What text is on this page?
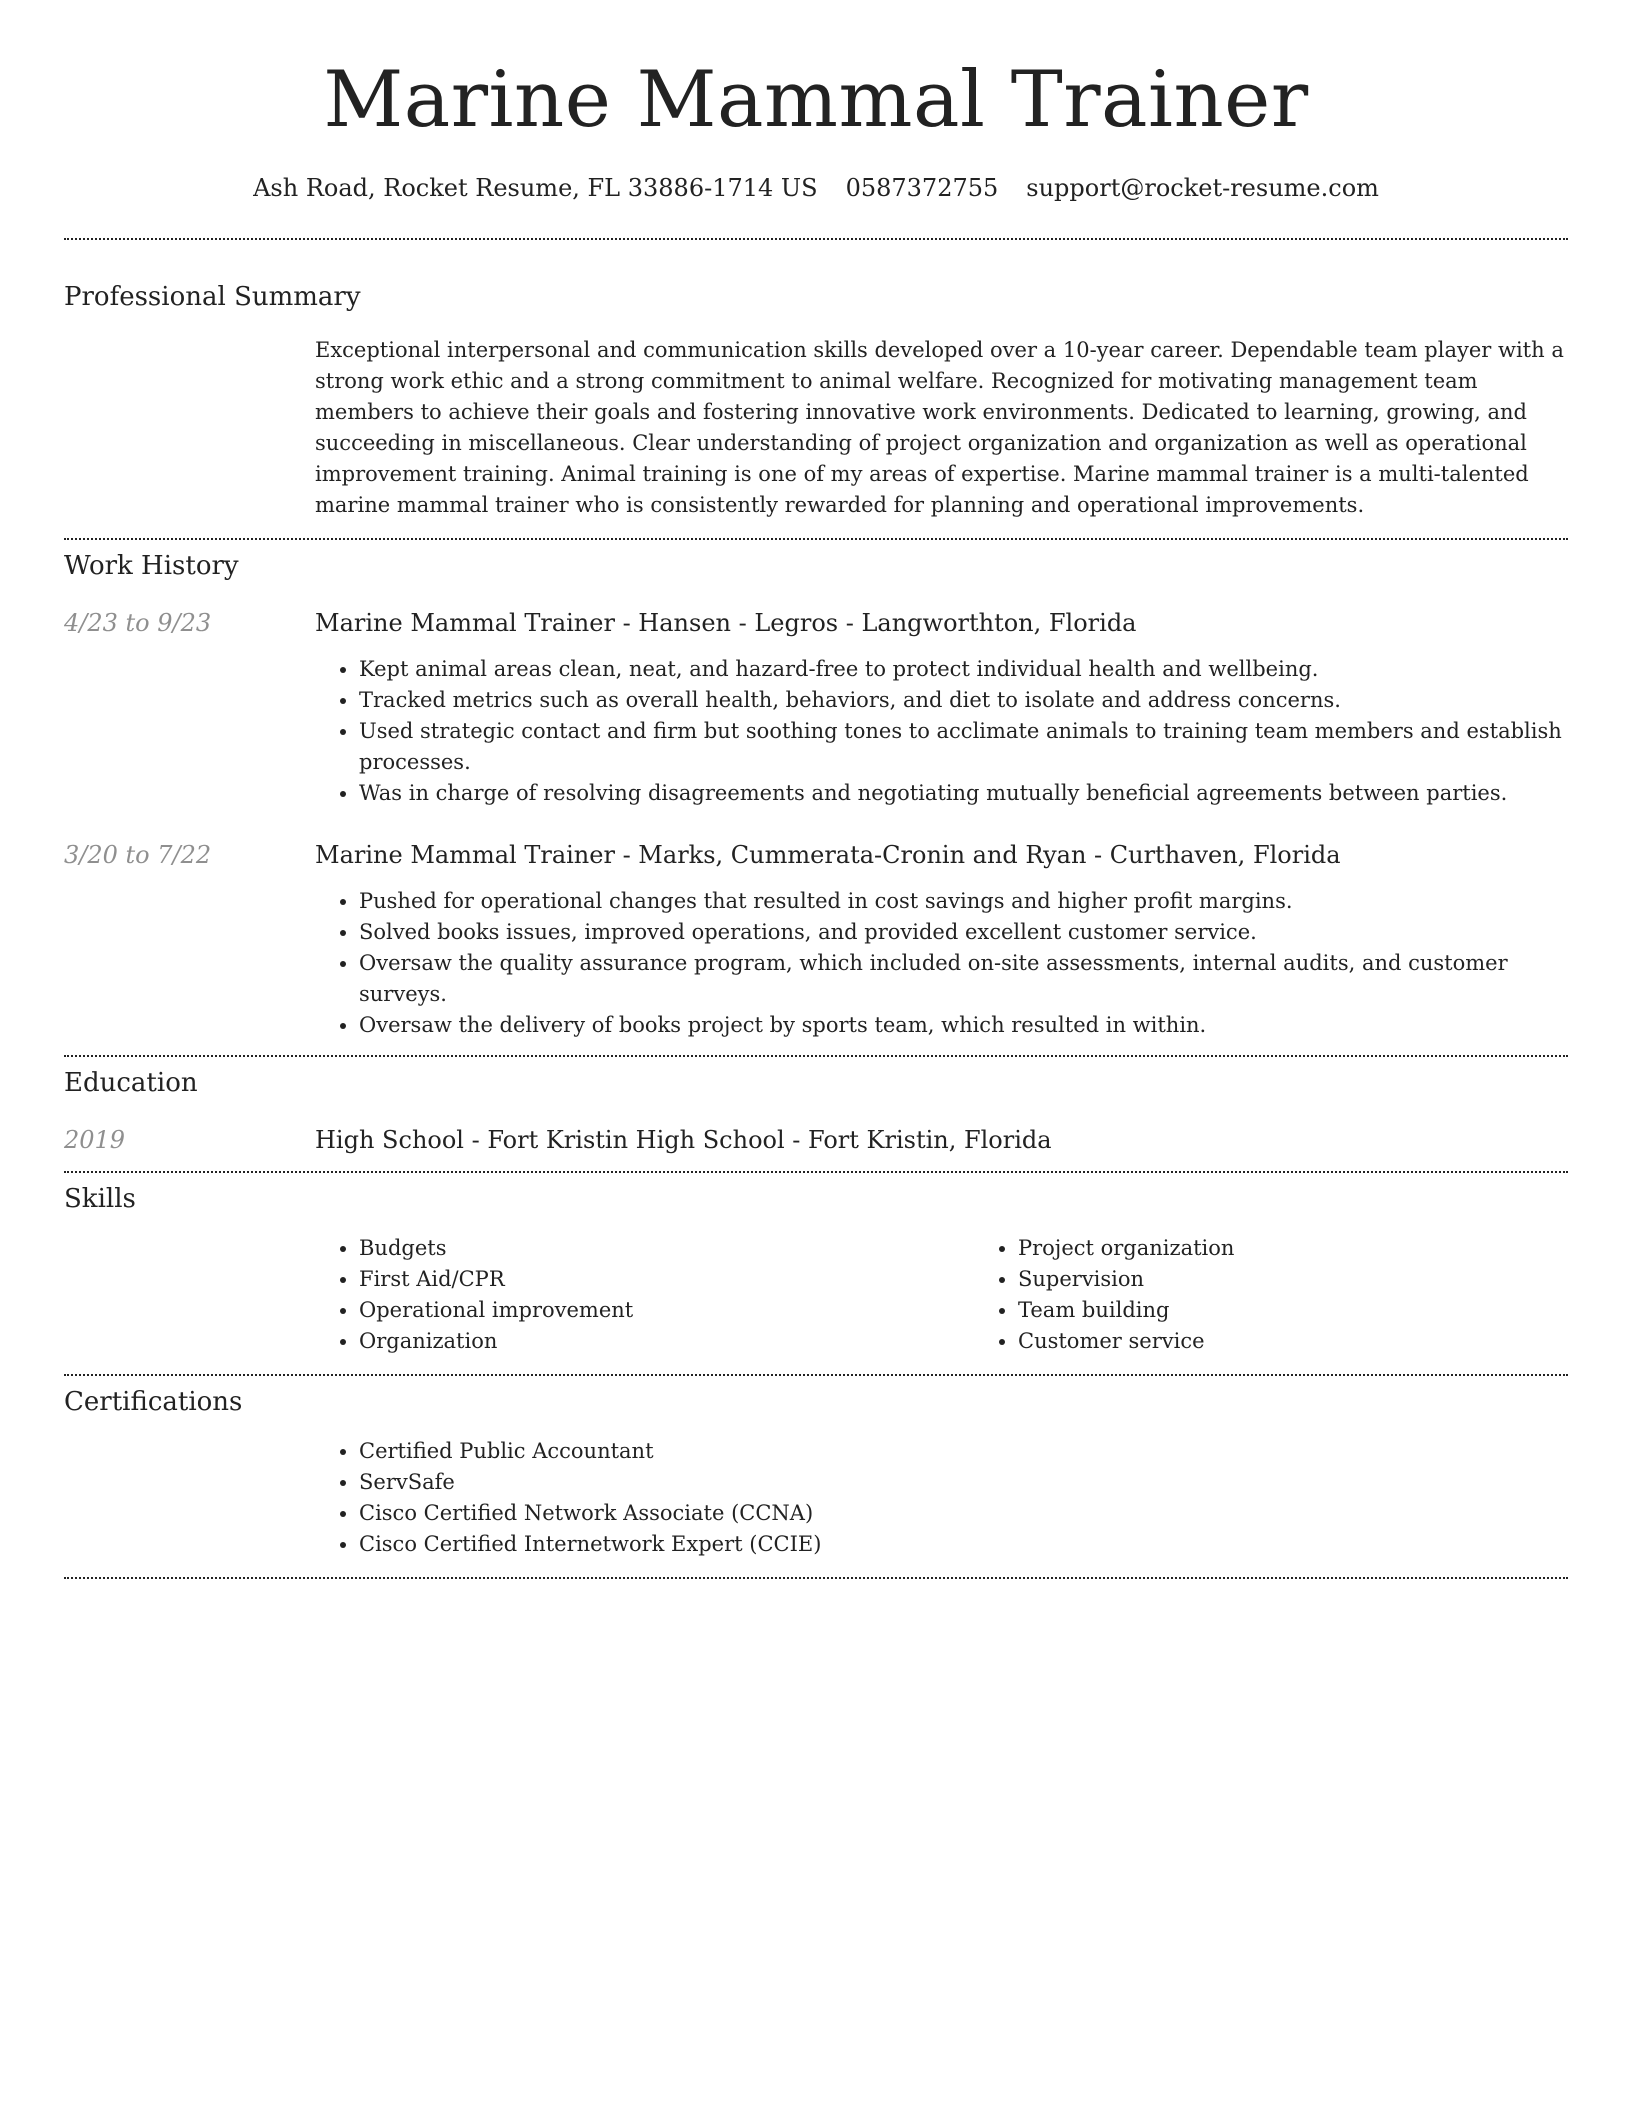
Marine Mammal Trainer
Ash Road, Rocket Resume, FL 33886-1714 US 0587372755 support@rocket-resume.com
Professional Summary

Exceptional interpersonal and communication skills developed over a 10-year career. Dependable team player with a strong work ethic and a strong commitment to animal welfare. Recognized for motivating management team members to achieve their goals and fostering innovative work environments. Dedicated to learning, growing, and succeeding in miscellaneous. Clear understanding of project organization and organization as well as operational improvement training. Animal training is one of my areas of expertise. Marine mammal trainer is a multi-talented marine mammal trainer who is consistently rewarded for planning and operational improvements.

Work History
4/23 to 9/23	Marine Mammal Trainer - Hansen - Legros - Langworthton, Florida
• Kept animal areas clean, neat, and hazard-free to protect individual health and wellbeing.
• Tracked metrics such as overall health, behaviors, and diet to isolate and address concerns.
• Used strategic contact and firm but soothing tones to acclimate animals to training team members and establish processes.
• Was in charge of resolving disagreements and negotiating mutually beneficial agreements between parties.
3/20 to 7/22	Marine Mammal Trainer - Marks, Cummerata-Cronin and Ryan - Curthaven, Florida
• Pushed for operational changes that resulted in cost savings and higher profit margins.
• Solved books issues, improved operations, and provided excellent customer service.
• Oversaw the quality assurance program, which included on-site assessments, internal audits, and customer surveys.
• Oversaw the delivery of books project by sports team, which resulted in within.
Education
2019	High School - Fort Kristin High School - Fort Kristin, Florida
Skills
• Budgets
• First Aid/CPR
• Operational improvement
• Organization
• Project organization
• Supervision
• Team building
• Customer service
Certifications
• Certified Public Accountant
• ServSafe
• Cisco Certified Network Associate (CCNA)
• Cisco Certified Internetwork Expert (CCIE)
